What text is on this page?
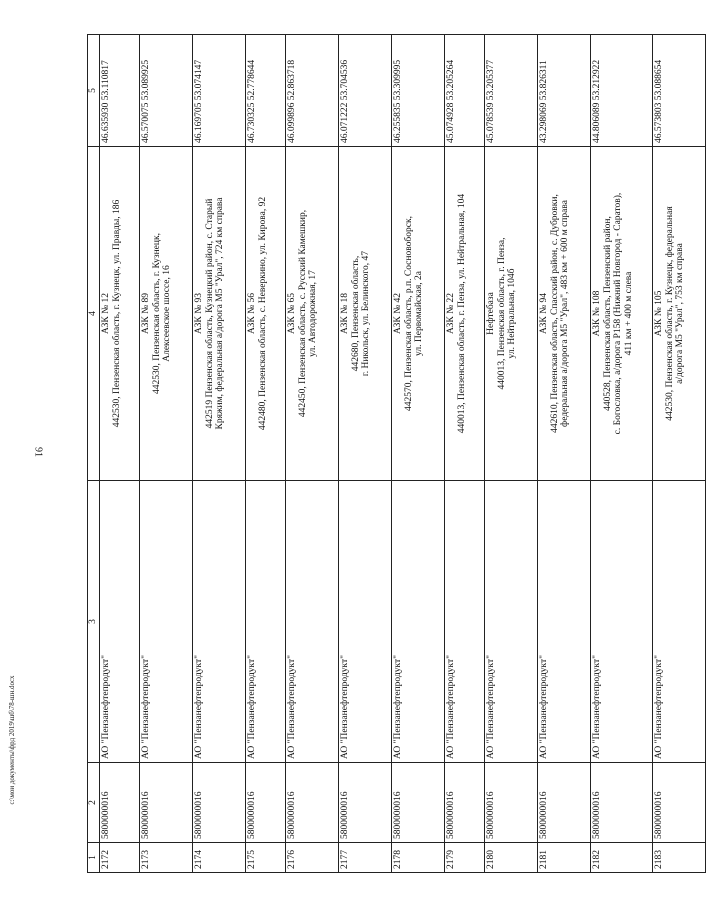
91
c:\мои документы\фрд 2019\шб\78-шн.docx
1	2	3	4	5
2172	5800000016	АО "Пензанефтепродукт"	АЗК № 12 442530, Пензенская область, г. Кузнецк, ул. Правды, 186	46.635930 53.110817
2173	5800000016	АО "Пензанефтепродукт"	АЗК № 89 442530, Пензенская область, г. Кузнецк, Алексеевское шоссе, 16	46.570075 53.089925
2174	5800000016	АО "Пензанефтепродукт"	АЗК № 93 442519 Пензенская область, Кузнецкий район, с. Старый Кряжим, федеральная а/дорога М5 "Урал", 724 км справа	46.169705 53.074147
2175	5800000016	АО "Пензанефтепродукт"	АЗК № 56 442480, Пензенская область, с. Неверкино, ул. Кирова, 92	46.730325 52.778644
2176	5800000016	АО "Пензанефтепродукт"	АЗК № 65 442450, Пензенская область, с. Русский Камешкир, ул. Автодорожная, 17	46.099896 52.863718
2177	5800000016	АО "Пензанефтепродукт"	АЗК № 18 442680, Пензенская область, г. Никольск, ул. Белинского, 47	46.071222 53.704536
2178	5800000016	АО "Пензанефтепродукт"	АЗК № 42 442570, Пензенская область, р.п. Сосновоборск, ул. Первомайская, 2а	46.255835 53.309995
2179	5800000016	АО "Пензанефтепродукт"	АЗК № 22 440013, Пензенская область, г. Пенза, ул. Нейтральная, 104	45.074928 53.205264
2180	5800000016	АО "Пензанефтепродукт"	Нефтебаза 440013, Пензенская область, г. Пенза, ул. Нейтральная, 104б	45.078539 53.205377
2181	5800000016	АО "Пензанефтепродукт"	АЗК № 94 442610, Пензенская область, Спасский район, с. Дубровки, федеральная а/дорога М5 "Урал", 483 км + 600 м справа	43.298069 53.826311
2182	5800000016	АО "Пензанефтепродукт"	АЗК № 108 440528, Пензенская область, Пензенский район, с. Богословка, а/дорога Р158 (Нижний Новгород - Саратов), 411 км + 400 м слева	44.806089 53.212922
2183	5800000016	АО "Пензанефтепродукт"	АЗК № 105 442530, Пензенская область, г. Кузнецк, федеральная а/дорога М5 "Урал", 753 км справа	46.573803 53.088654
